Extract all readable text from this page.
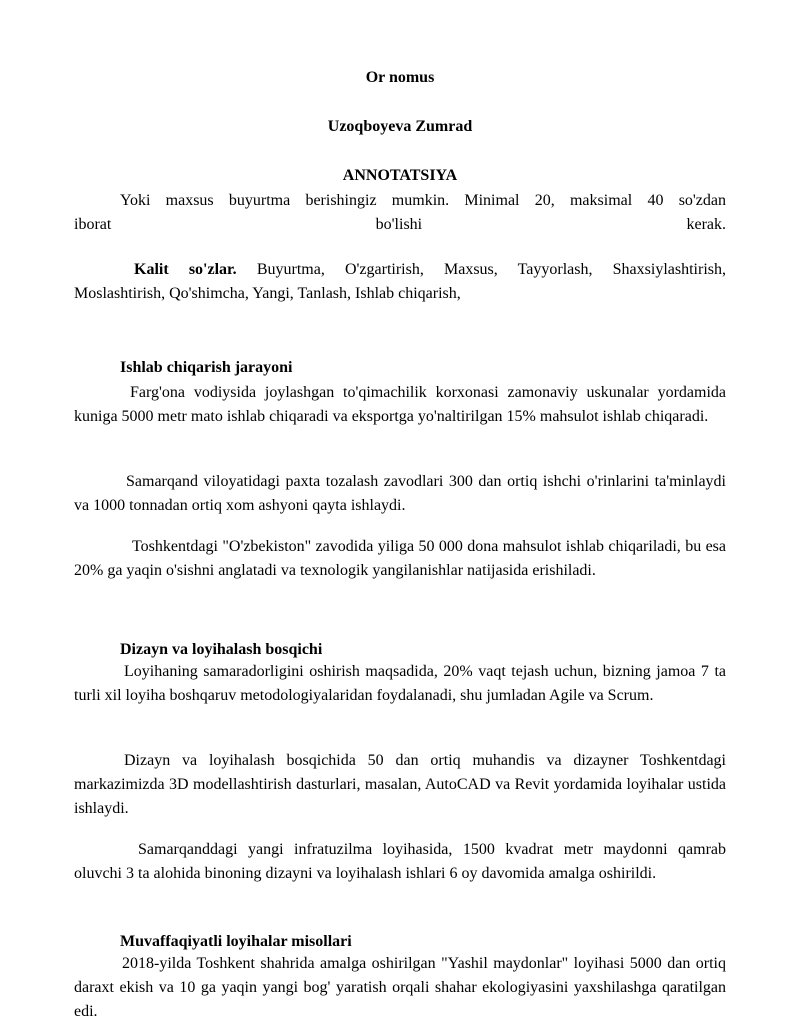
Or nomus
Uzoqboyeva Zumrad
ANNOTATSIYA

Yoki maxsus buyurtma berishingiz mumkin. Minimal 20, maksimal 40 so'zdan

iborat bo'lishi kerak.

Kalit so'zlar. Buyurtma, O'zgartirish, Maxsus, Tayyorlash, Shaxsiylashtirish,

Moslashtirish, Qo'shimcha, Yangi, Tanlash, Ishlab chiqarish,

Ishlab chiqarish jarayoni

Farg'ona vodiysida joylashgan to'qimachilik korxonasi zamonaviy uskunalar yordamida kuniga 5000 metr mato ishlab chiqaradi va eksportga yo'naltirilgan 15% mahsulot ishlab chiqaradi.

Samarqand viloyatidagi paxta tozalash zavodlari 300 dan ortiq ishchi o'rinlarini ta'minlaydi va 1000 tonnadan ortiq xom ashyoni qayta ishlaydi.

Toshkentdagi "O'zbekiston" zavodida yiliga 50 000 dona mahsulot ishlab chiqariladi, bu esa 20% ga yaqin o'sishni anglatadi va texnologik yangilanishlar natijasida erishiladi.

Dizayn va loyihalash bosqichi

Loyihaning samaradorligini oshirish maqsadida, 20% vaqt tejash uchun, bizning jamoa 7 ta turli xil loyiha boshqaruv metodologiyalaridan foydalanadi, shu jumladan Agile va Scrum.

Dizayn va loyihalash bosqichida 50 dan ortiq muhandis va dizayner Toshkentdagi markazimizda 3D modellashtirish dasturlari, masalan, AutoCAD va Revit yordamida loyihalar ustida ishlaydi.

Samarqanddagi yangi infratuzilma loyihasida, 1500 kvadrat metr maydonni qamrab oluvchi 3 ta alohida binoning dizayni va loyihalash ishlari 6 oy davomida amalga oshirildi.

Muvaffaqiyatli loyihalar misollari

2018-yilda Toshkent shahrida amalga oshirilgan "Yashil maydonlar" loyihasi 5000 dan ortiq daraxt ekish va 10 ga yaqin yangi bog' yaratish orqali shahar ekologiyasini yaxshilashga qaratilgan edi.
